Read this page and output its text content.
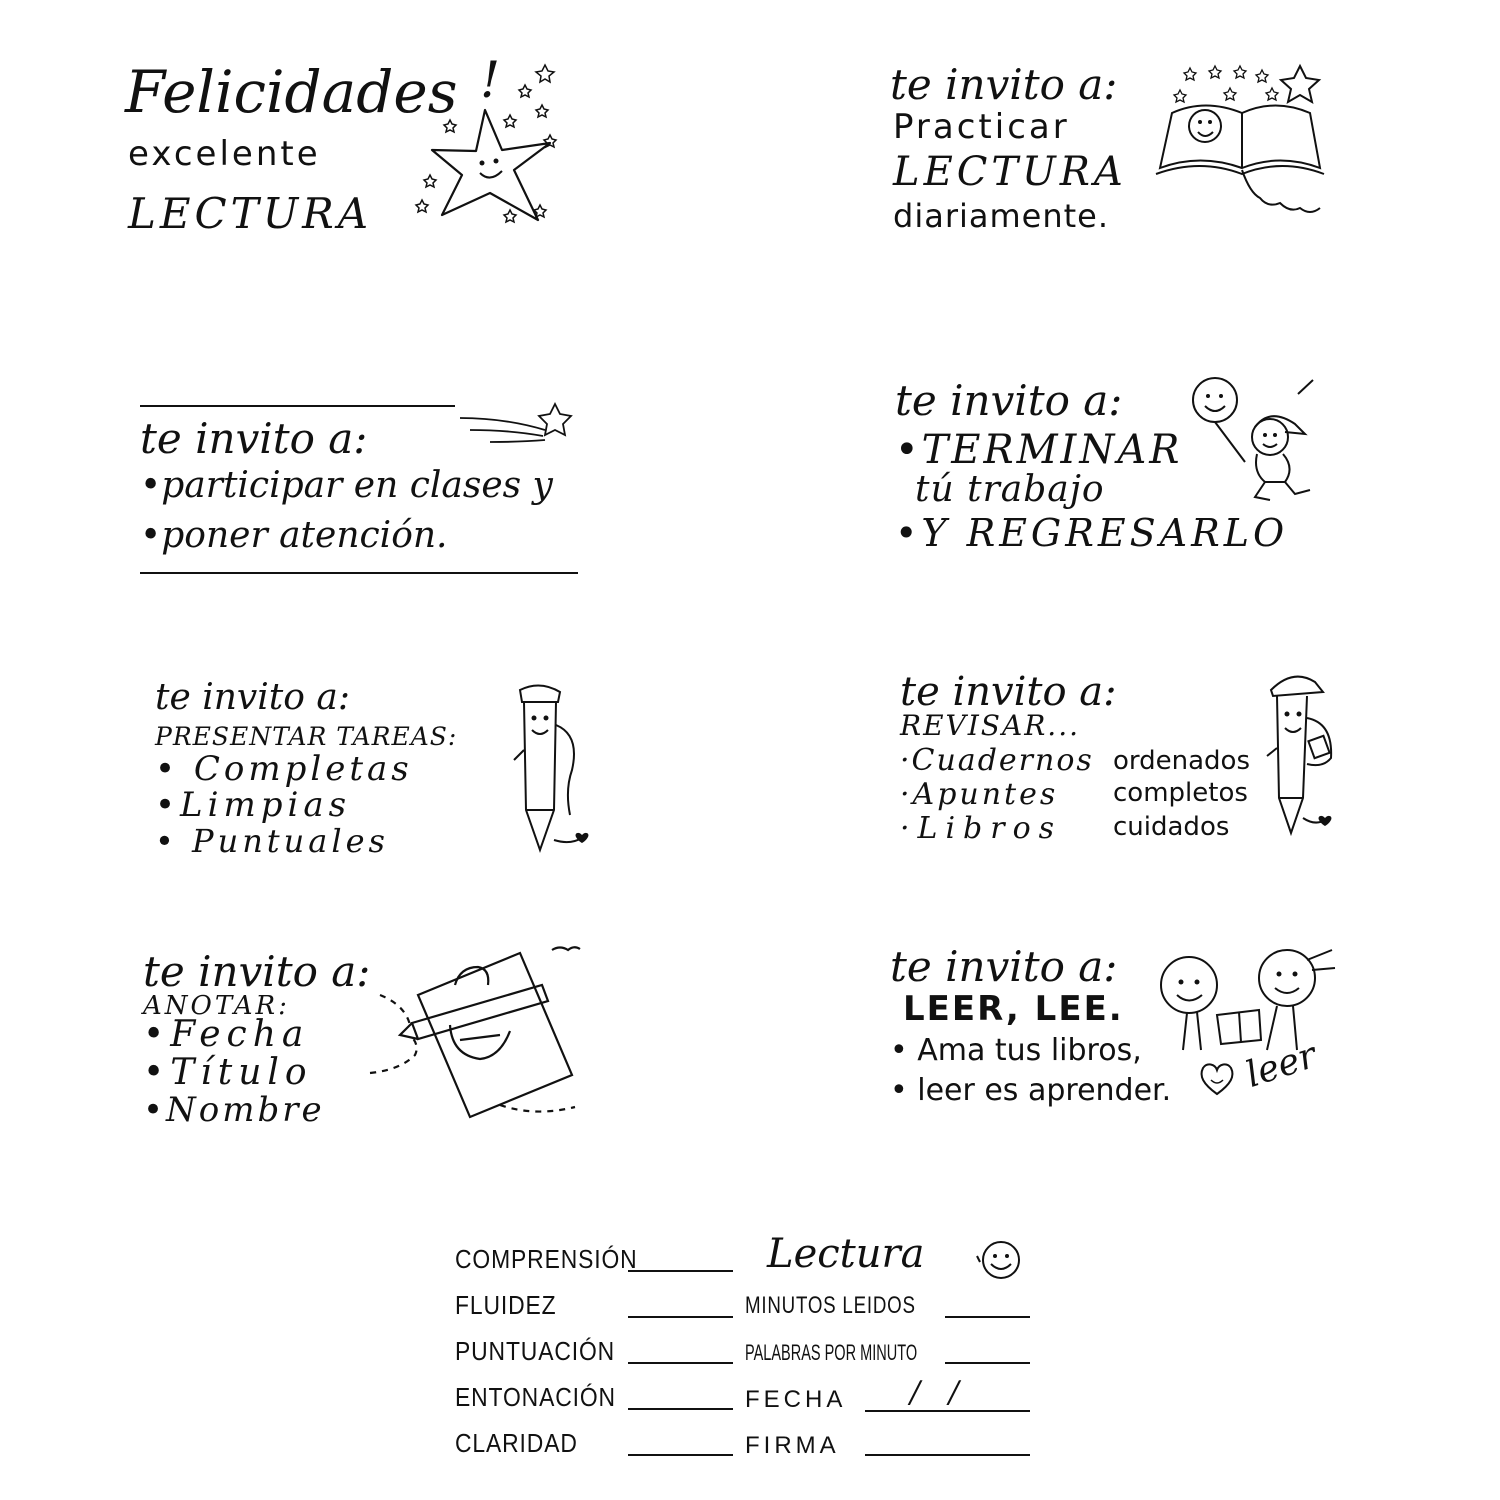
Felicidades !
excelente
LECTURA
te invito a:
Practicar
LECTURA
diariamente.
te invito a:
•participar en clases y
•poner atención.
te invito a:
•TERMINAR
tú trabajo
•Y REGRESARLO
te invito a:
PRESENTAR TAREAS:
• Completas
•Limpias
• Puntuales
te invito a:
REVISAR...
·Cuadernos ordenados
·Apuntes completos
·Libros cuidados
te invito a:
ANOTAR:
•Fecha
•Título
•Nombre
te invito a:
LEER, LEE.
• Ama tus libros,
• leer es aprender. leer
Lectura
COMPRENSIÓN
FLUIDEZ
PUNTUACIÓN
ENTONACIÓN
CLARIDAD
MINUTOS LEIDOS
PALABRAS POR MINUTO
FECHA /   /
FIRMA
